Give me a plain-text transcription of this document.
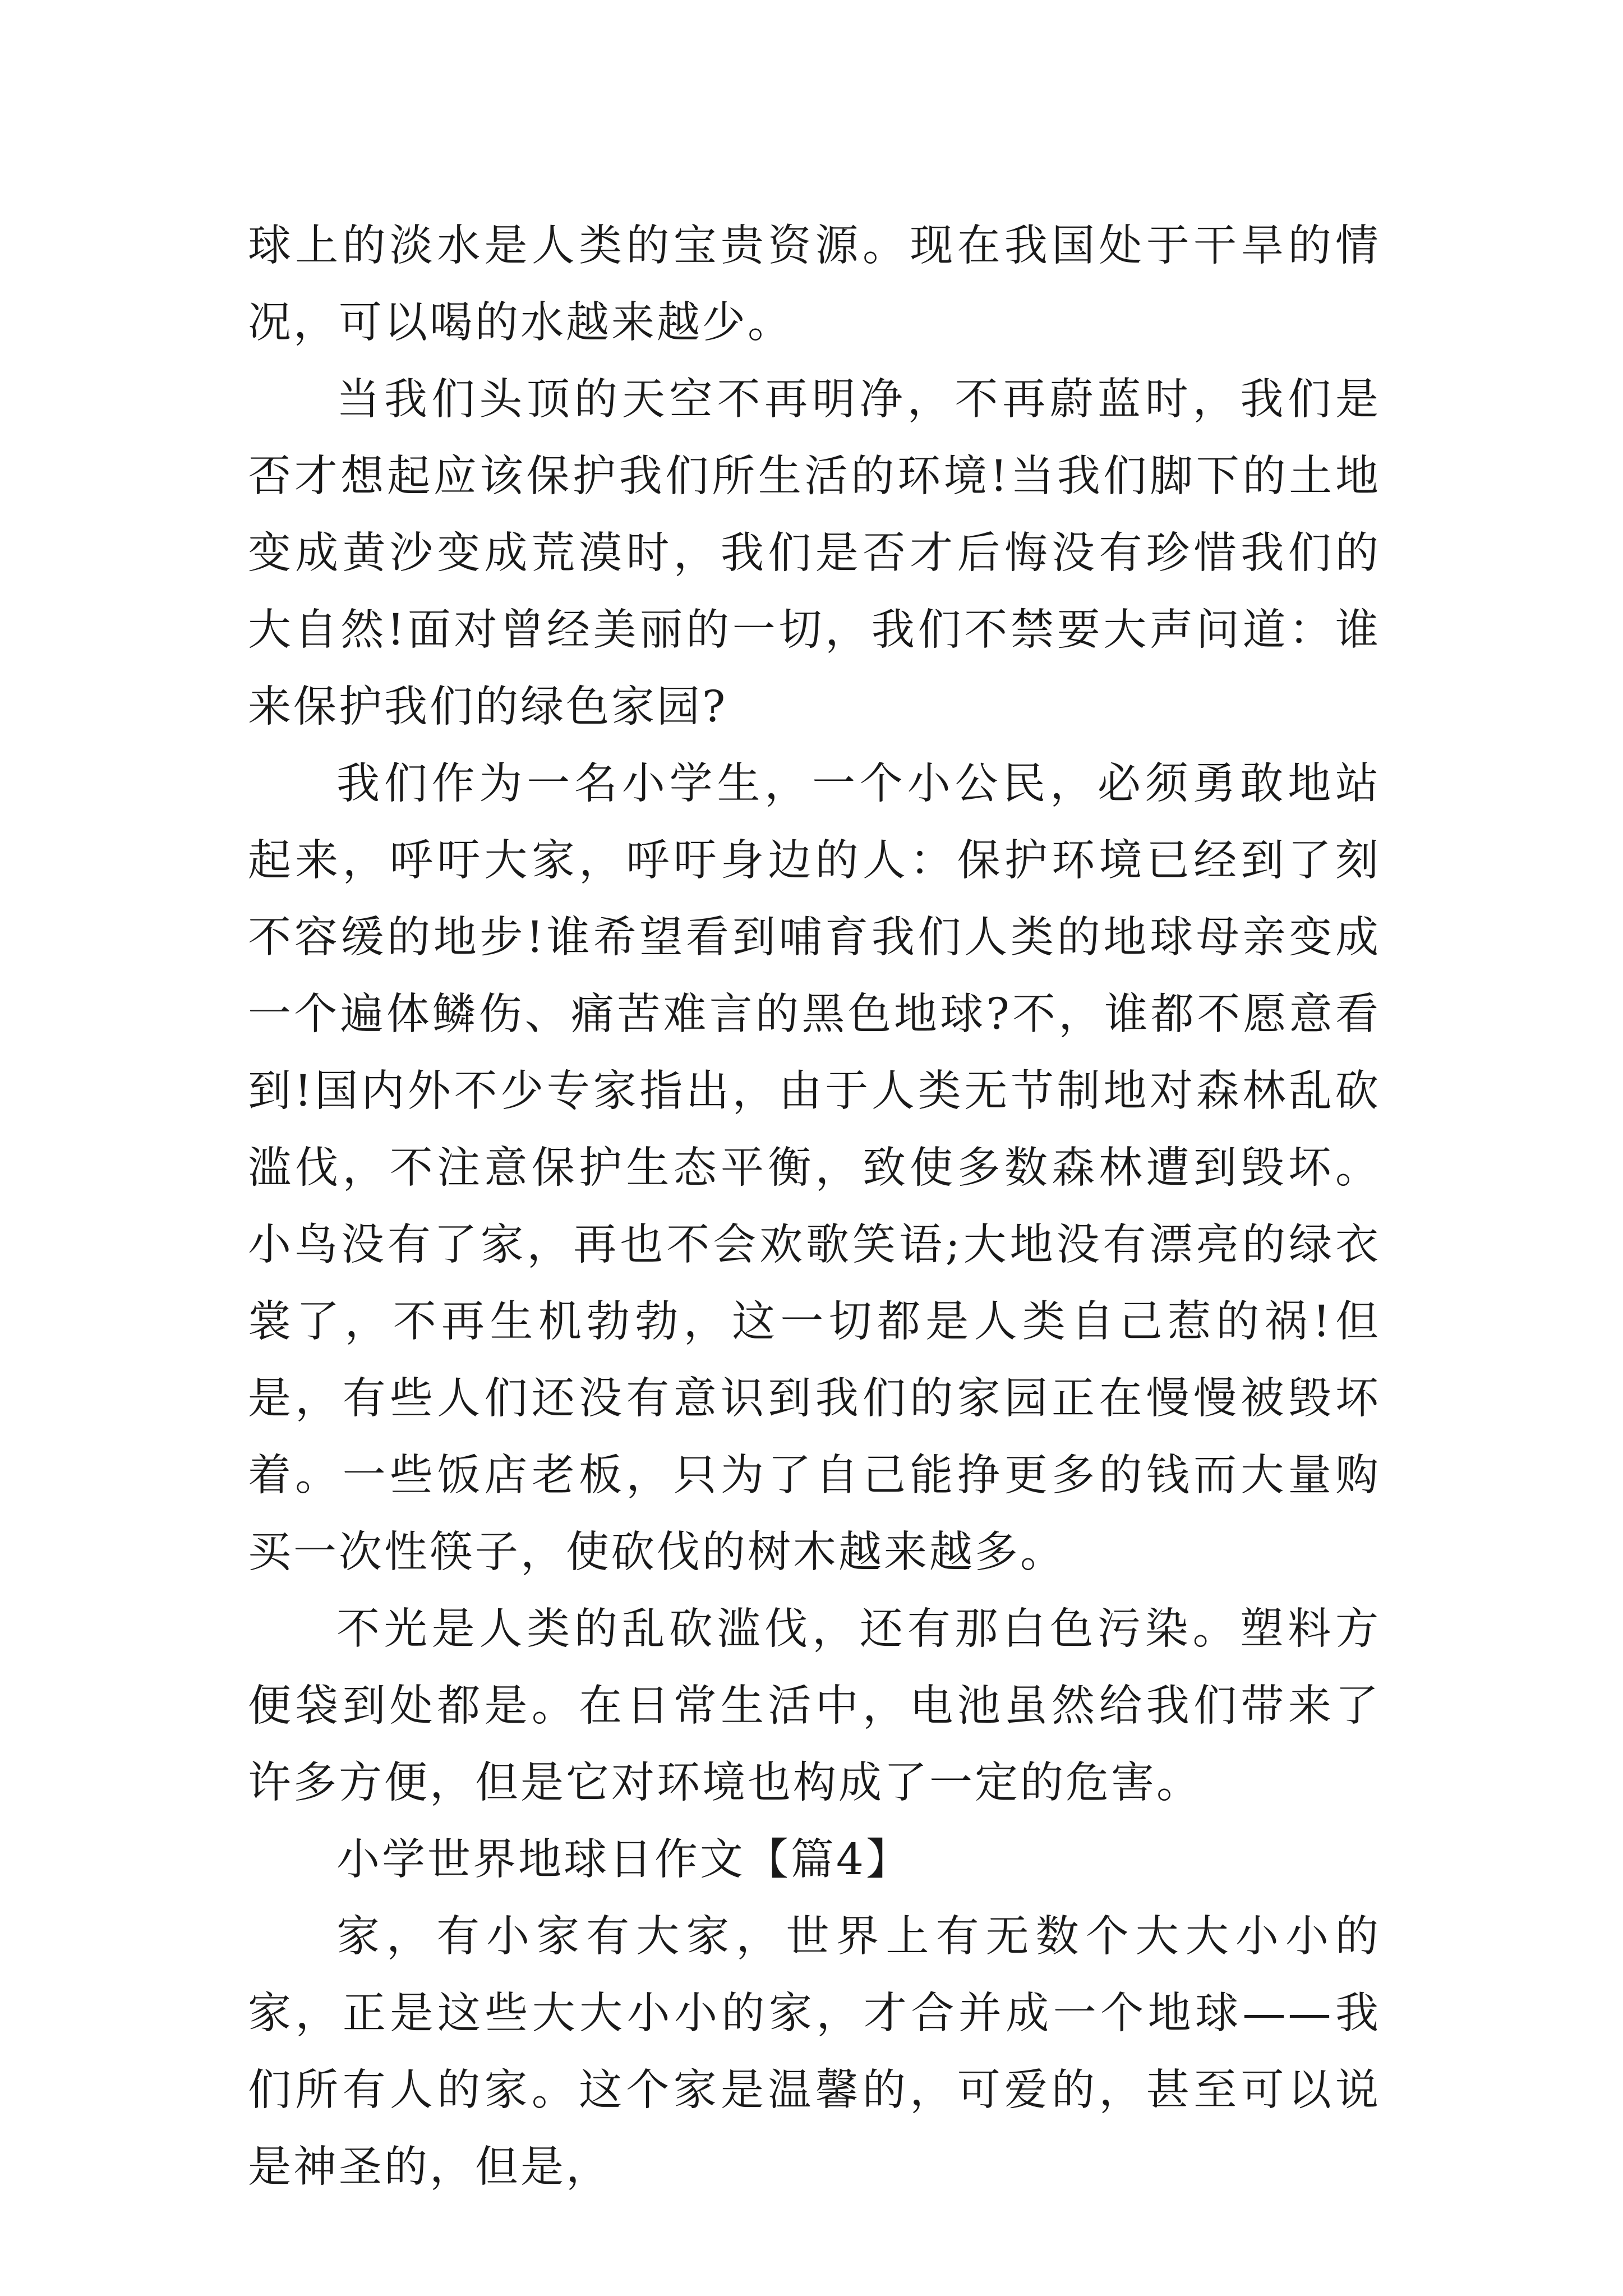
球上的淡水是人类的宝贵资源。现在我国处于干旱的情况，可以喝的水越来越少。

当我们头顶的天空不再明净，不再蔚蓝时，我们是否才想起应该保护我们所生活的环境!当我们脚下的土地变成黄沙变成荒漠时，我们是否才后悔没有珍惜我们的大自然!面对曾经美丽的一切，我们不禁要大声问道：谁来保护我们的绿色家园?

我们作为一名小学生，一个小公民，必须勇敢地站起来，呼吁大家，呼吁身边的人：保护环境已经到了刻不容缓的地步!谁希望看到哺育我们人类的地球母亲变成一个遍体鳞伤、痛苦难言的黑色地球?不，谁都不愿意看到!国内外不少专家指出，由于人类无节制地对森林乱砍滥伐，不注意保护生态平衡，致使多数森林遭到毁坏。小鸟没有了家，再也不会欢歌笑语;大地没有漂亮的绿衣裳了，不再生机勃勃，这一切都是人类自己惹的祸!但是，有些人们还没有意识到我们的家园正在慢慢被毁坏着。一些饭店老板，只为了自己能挣更多的钱而大量购买一次性筷子，使砍伐的树木越来越多。

不光是人类的乱砍滥伐，还有那白色污染。塑料方便袋到处都是。在日常生活中，电池虽然给我们带来了许多方便，但是它对环境也构成了一定的危害。

小学世界地球日作文【篇4】

家，有小家有大家，世界上有无数个大大小小的家，正是这些大大小小的家，才合并成一个地球——我们所有人的家。这个家是温馨的，可爱的，甚至可以说是神圣的，但是，
